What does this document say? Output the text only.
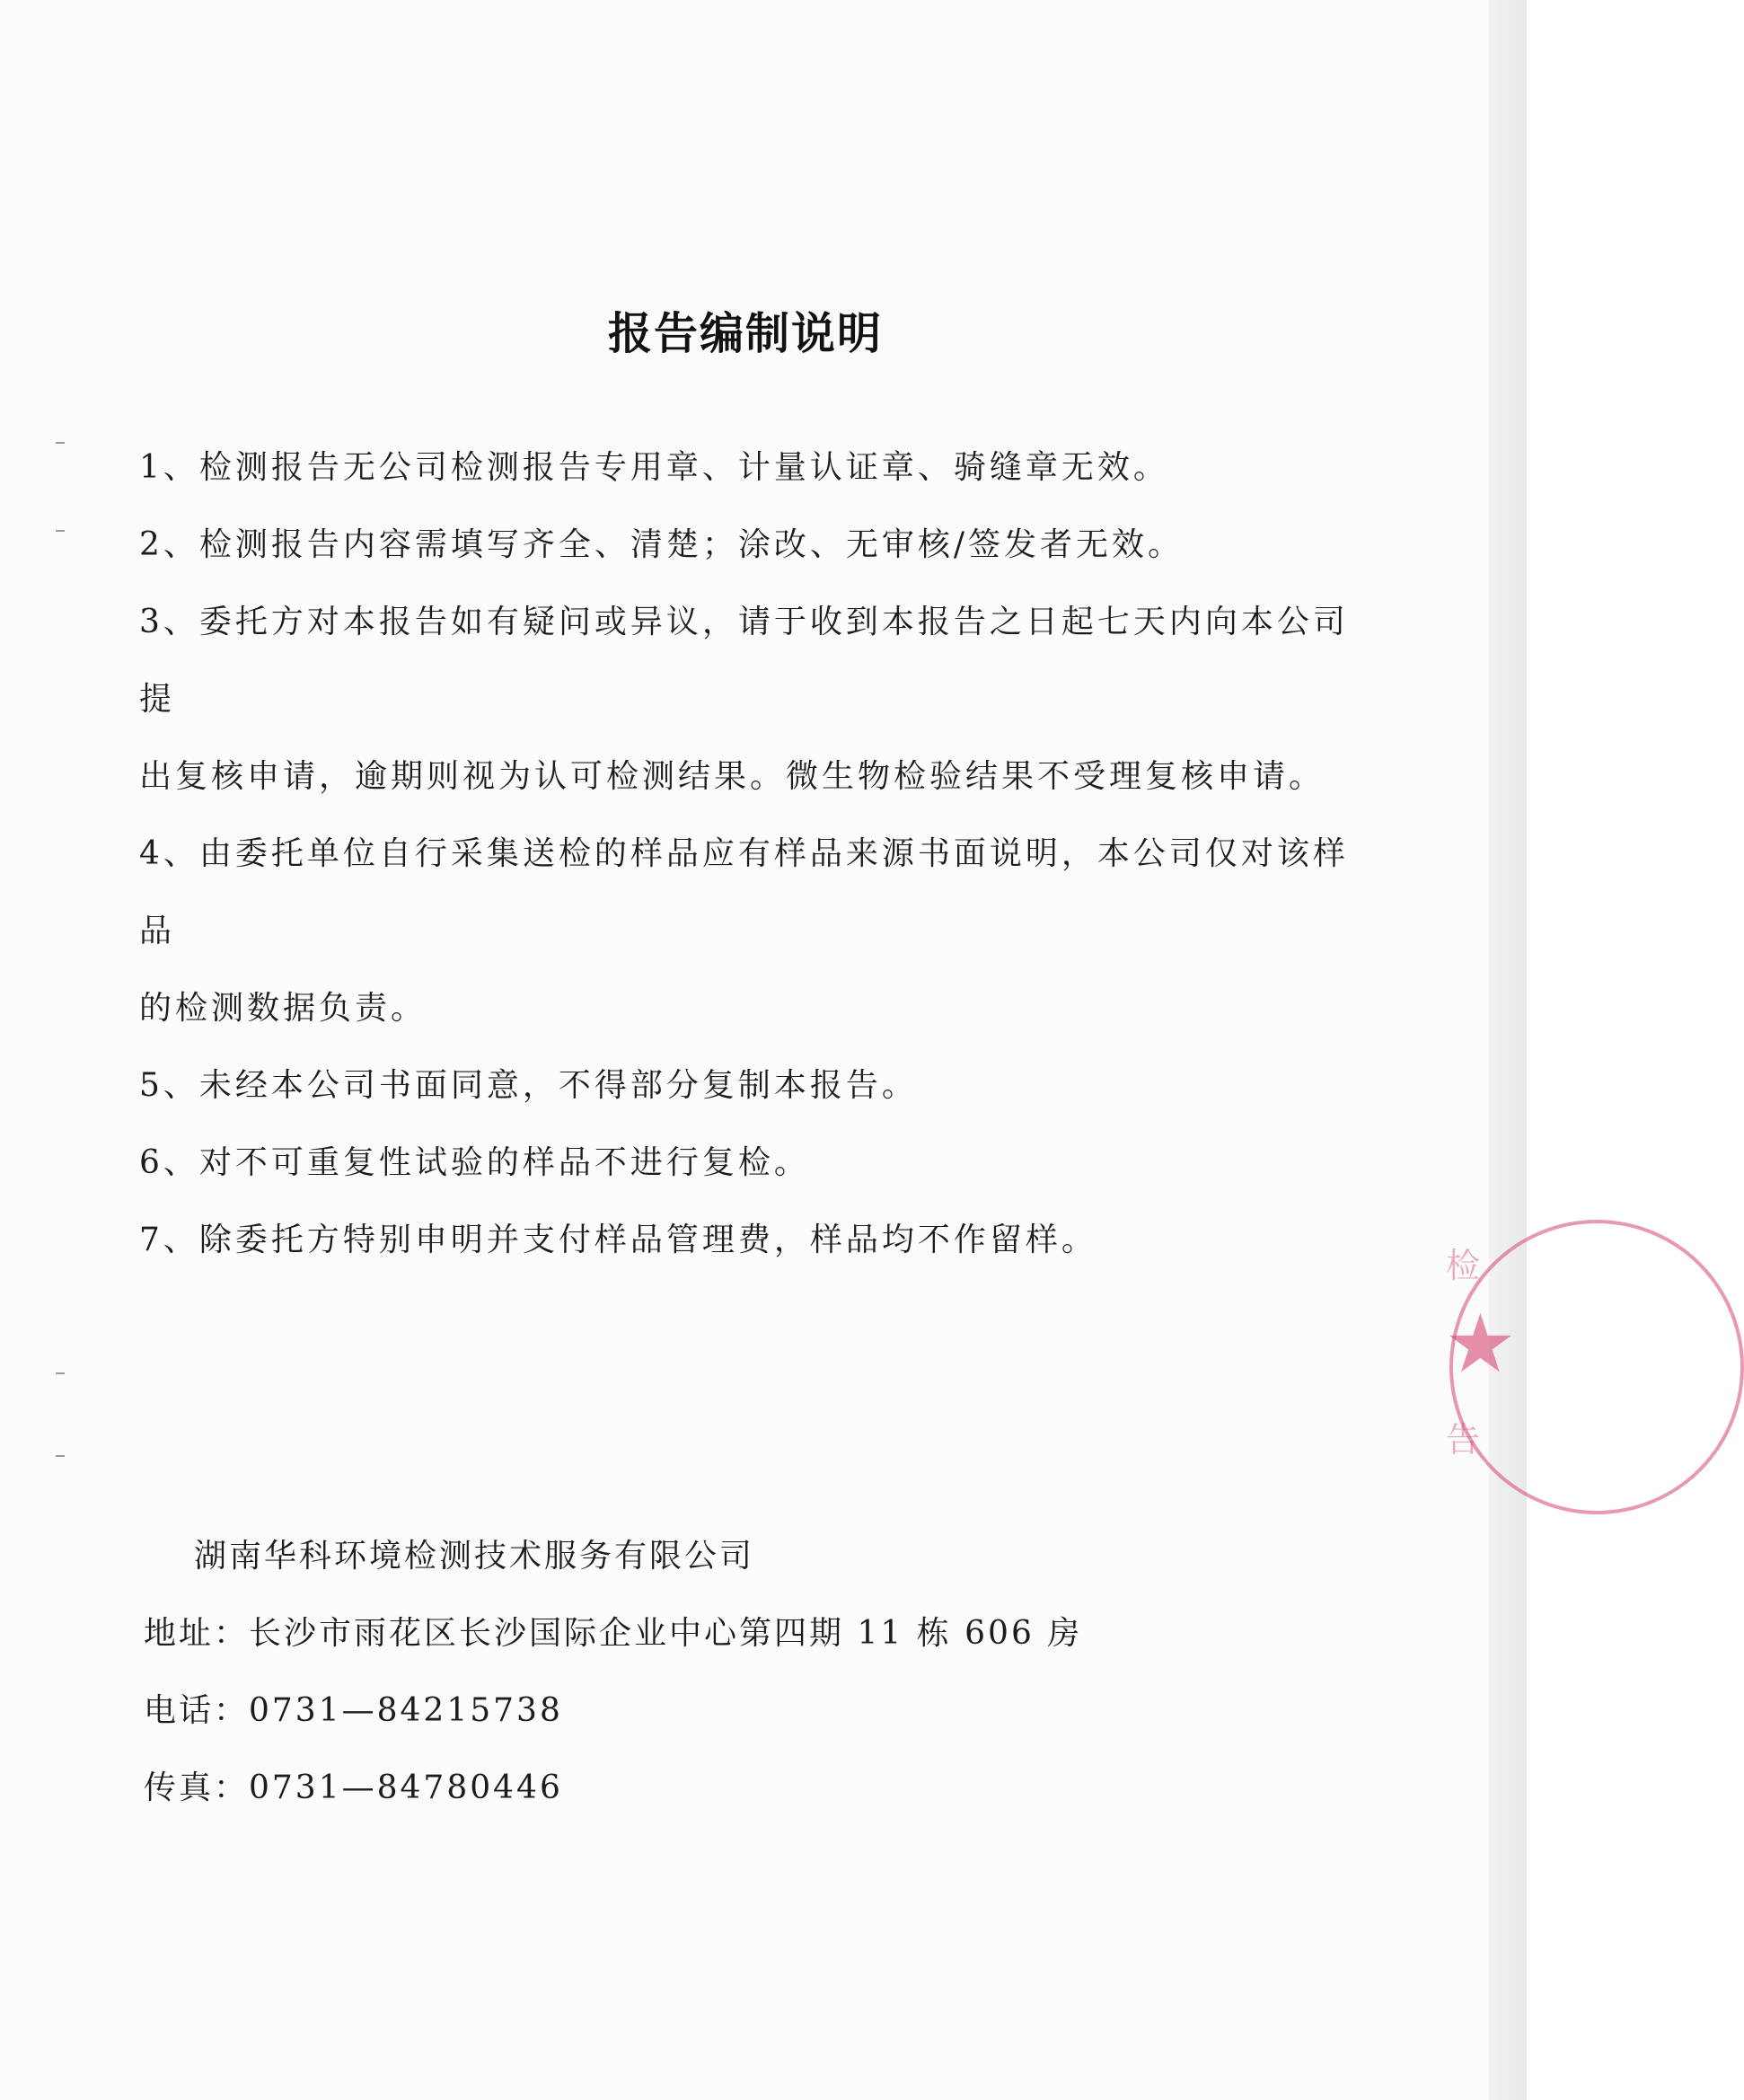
报告编制说明
1、检测报告无公司检测报告专用章、计量认证章、骑缝章无效。
2、检测报告内容需填写齐全、清楚；涂改、无审核/签发者无效。
3、委托方对本报告如有疑问或异议，请于收到本报告之日起七天内向本公司提
出复核申请，逾期则视为认可检测结果。微生物检验结果不受理复核申请。
4、由委托单位自行采集送检的样品应有样品来源书面说明，本公司仅对该样品
的检测数据负责。
5、未经本公司书面同意，不得部分复制本报告。
6、对不可重复性试验的样品不进行复检。
7、除委托方特别申明并支付样品管理费，样品均不作留样。
湖南华科环境检测技术服务有限公司
地址：长沙市雨花区长沙国际企业中心第四期 11 栋 606 房
电话：0731—84215738
传真：0731—84780446
检
★
告
